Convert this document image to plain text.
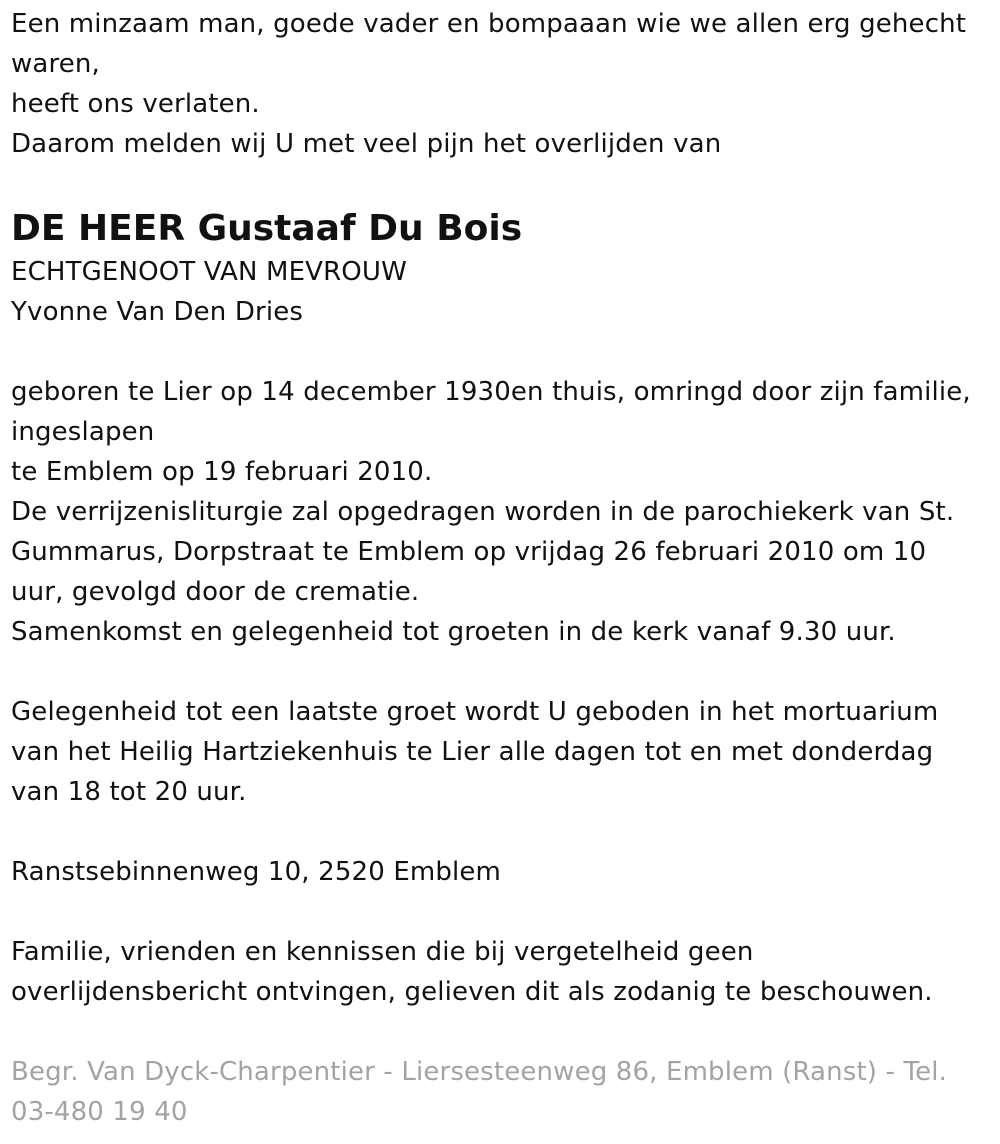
Een minzaam man, goede vader en bompaaan wie we allen erg gehecht
waren,
heeft ons verlaten.
Daarom melden wij U met veel pijn het overlijden van
DE HEER Gustaaf Du Bois
ECHTGENOOT VAN MEVROUW
Yvonne Van Den Dries
geboren te Lier op 14 december 1930en thuis, omringd door zijn familie,
ingeslapen
te Emblem op 19 februari 2010.
De verrijzenisliturgie zal opgedragen worden in de parochiekerk van St.
Gummarus, Dorpstraat te Emblem op vrijdag 26 februari 2010 om 10
uur, gevolgd door de crematie.
Samenkomst en gelegenheid tot groeten in de kerk vanaf 9.30 uur.
Gelegenheid tot een laatste groet wordt U geboden in het mortuarium
van het Heilig Hartziekenhuis te Lier alle dagen tot en met donderdag
van 18 tot 20 uur.
Ranstsebinnenweg 10, 2520 Emblem
Familie, vrienden en kennissen die bij vergetelheid geen
overlijdensbericht ontvingen, gelieven dit als zodanig te beschouwen.
Begr. Van Dyck-Charpentier - Liersesteenweg 86, Emblem (Ranst) - Tel.
03-480 19 40
